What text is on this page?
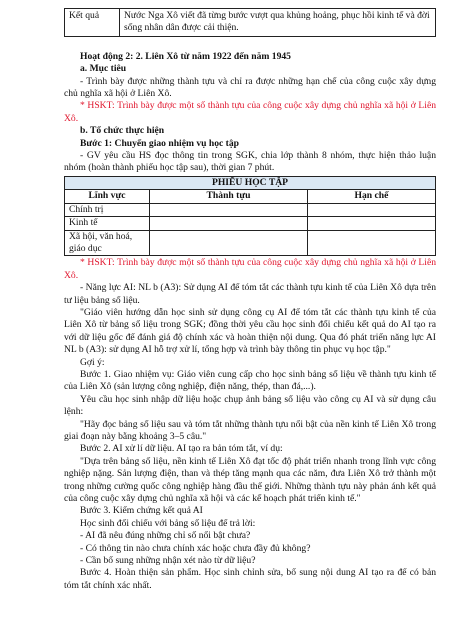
Kết quả	Nước Nga Xô viết đã từng bước vượt qua khủng hoảng, phục hồi kinh tế và đời sống nhân dân được cải thiện.

Hoạt động 2: 2. Liên Xô từ năm 1922 đến năm 1945

a. Mục tiêu

- Trình bày được những thành tựu và chỉ ra được những hạn chế của công cuộc xây dựng chủ nghĩa xã hội ở Liên Xô.

* HSKT: Trình bày được một số thành tựu của công cuộc xây dựng chủ nghĩa xã hội ở Liên Xô.

b. Tổ chức thực hiện

Bước 1: Chuyển giao nhiệm vụ học tập

- GV yêu cầu HS đọc thông tin trong SGK, chia lớp thành 8 nhóm, thực hiện thảo luận nhóm (hoàn thành phiếu học tập sau), thời gian 7 phút.

PHIẾU HỌC TẬP		
Lĩnh vực	Thành tựu	Hạn chế
Chính trị		
Kinh tế		
Xã hội, văn hoá, giáo dục		

* HSKT: Trình bày được một số thành tựu của công cuộc xây dựng chủ nghĩa xã hội ở Liên Xô.

- Năng lực AI: NL b (A3): Sử dụng AI để tóm tắt các thành tựu kinh tế của Liên Xô dựa trên tư liệu bảng số liệu.

"Giáo viên hướng dẫn học sinh sử dụng công cụ AI để tóm tắt các thành tựu kinh tế của Liên Xô từ bảng số liệu trong SGK; đồng thời yêu cầu học sinh đối chiếu kết quả do AI tạo ra với dữ liệu gốc để đánh giá độ chính xác và hoàn thiện nội dung. Qua đó phát triển năng lực AI NL b (A3): sử dụng AI hỗ trợ xử lí, tổng hợp và trình bày thông tin phục vụ học tập."

Gợi ý:

Bước 1. Giao nhiệm vụ: Giáo viên cung cấp cho học sinh bảng số liệu về thành tựu kinh tế của Liên Xô (sản lượng công nghiệp, điện năng, thép, than đá,...).

Yêu cầu học sinh nhập dữ liệu hoặc chụp ảnh bảng số liệu vào công cụ AI và sử dụng câu lệnh:

"Hãy đọc bảng số liệu sau và tóm tắt những thành tựu nổi bật của nền kinh tế Liên Xô trong giai đoạn này bằng khoảng 3–5 câu."

Bước 2. AI xử lí dữ liệu. AI tạo ra bản tóm tắt, ví dụ:

"Dựa trên bảng số liệu, nền kinh tế Liên Xô đạt tốc độ phát triển nhanh trong lĩnh vực công nghiệp nặng. Sản lượng điện, than và thép tăng mạnh qua các năm, đưa Liên Xô trở thành một trong những cường quốc công nghiệp hàng đầu thế giới. Những thành tựu này phản ánh kết quả của công cuộc xây dựng chủ nghĩa xã hội và các kế hoạch phát triển kinh tế."

Bước 3. Kiểm chứng kết quả AI

Học sinh đối chiếu với bảng số liệu để trả lời:

- AI đã nêu đúng những chỉ số nổi bật chưa?

- Có thông tin nào chưa chính xác hoặc chưa đầy đủ không?

- Cần bổ sung những nhận xét nào từ dữ liệu?

Bước 4. Hoàn thiện sản phẩm. Học sinh chỉnh sửa, bổ sung nội dung AI tạo ra để có bản tóm tắt chính xác nhất.
